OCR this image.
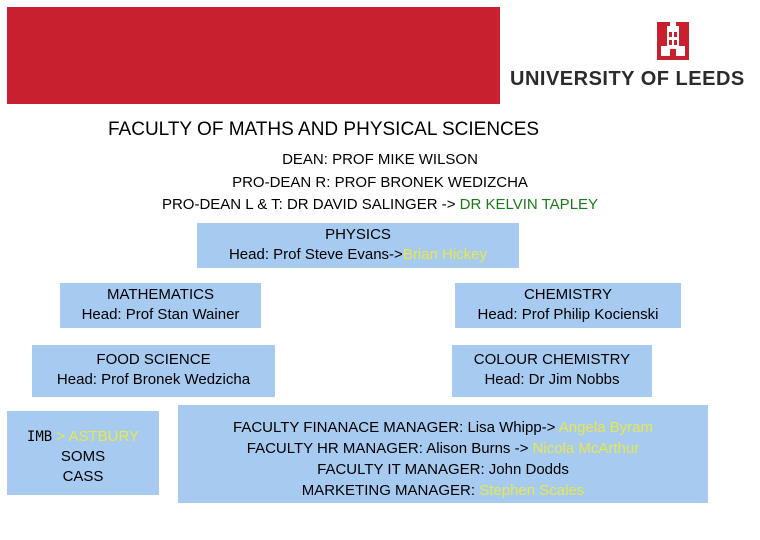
UNIVERSITY OF LEEDS
FACULTY OF MATHS AND PHYSICAL SCIENCES
DEAN: PROF MIKE WILSON
PRO-DEAN R: PROF BRONEK WEDIZCHA
PRO-DEAN L & T: DR DAVID SALINGER -> DR KELVIN TAPLEY
PHYSICS
Head: Prof Steve Evans->Brian Hickey
MATHEMATICS
Head: Prof Stan Wainer
CHEMISTRY
Head: Prof Philip Kocienski
FOOD SCIENCE
Head: Prof Bronek Wedzicha
COLOUR CHEMISTRY
Head: Dr Jim Nobbs
IMB > ASTBURY
SOMS
CASS
FACULTY FINANACE MANAGER: Lisa Whipp-> Angela Byram
FACULTY HR MANAGER: Alison Burns -> Nicola McArthur
FACULTY IT MANAGER: John Dodds
MARKETING MANAGER: Stephen Scales
